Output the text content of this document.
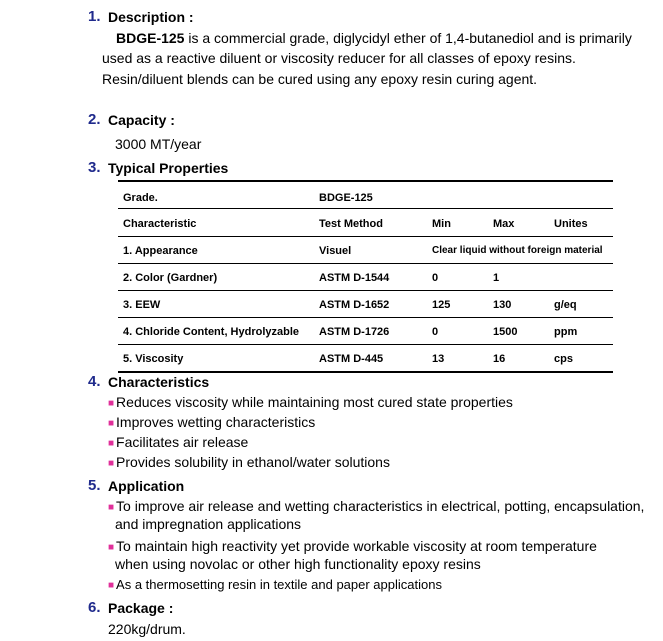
1. Description :
BDGE-125 is a commercial grade, diglycidyl ether of 1,4-butanediol and is primarily
used as a reactive diluent or viscosity reducer for all classes of epoxy resins.
Resin/diluent blends can be cured using any epoxy resin curing agent.
2. Capacity :
3000 MT/year
3. Typical Properties
Grade.	BDGE-125
Characteristic	Test Method	Min	Max	Unites
1. Appearance	Visuel	Clear liquid without foreign material
2. Color (Gardner)	ASTM D-1544	0	1
3. EEW	ASTM D-1652	125	130	g/eq
4. Chloride Content, Hydrolyzable ASTM D-1726	0	1500	ppm
5. Viscosity	ASTM D-445	13	16	cps
4. Characteristics
■ Reduces viscosity while maintaining most cured state properties
■ Improves wetting characteristics
■ Facilitates air release
■ Provides solubility in ethanol/water solutions
5. Application
■ To improve air release and wetting characteristics in electrical, potting, encapsulation,
and impregnation applications
■ To maintain high reactivity yet provide workable viscosity at room temperature
when using novolac or other high functionality epoxy resins
■ As a thermosetting resin in textile and paper applications
6. Package :
220kg/drum.
